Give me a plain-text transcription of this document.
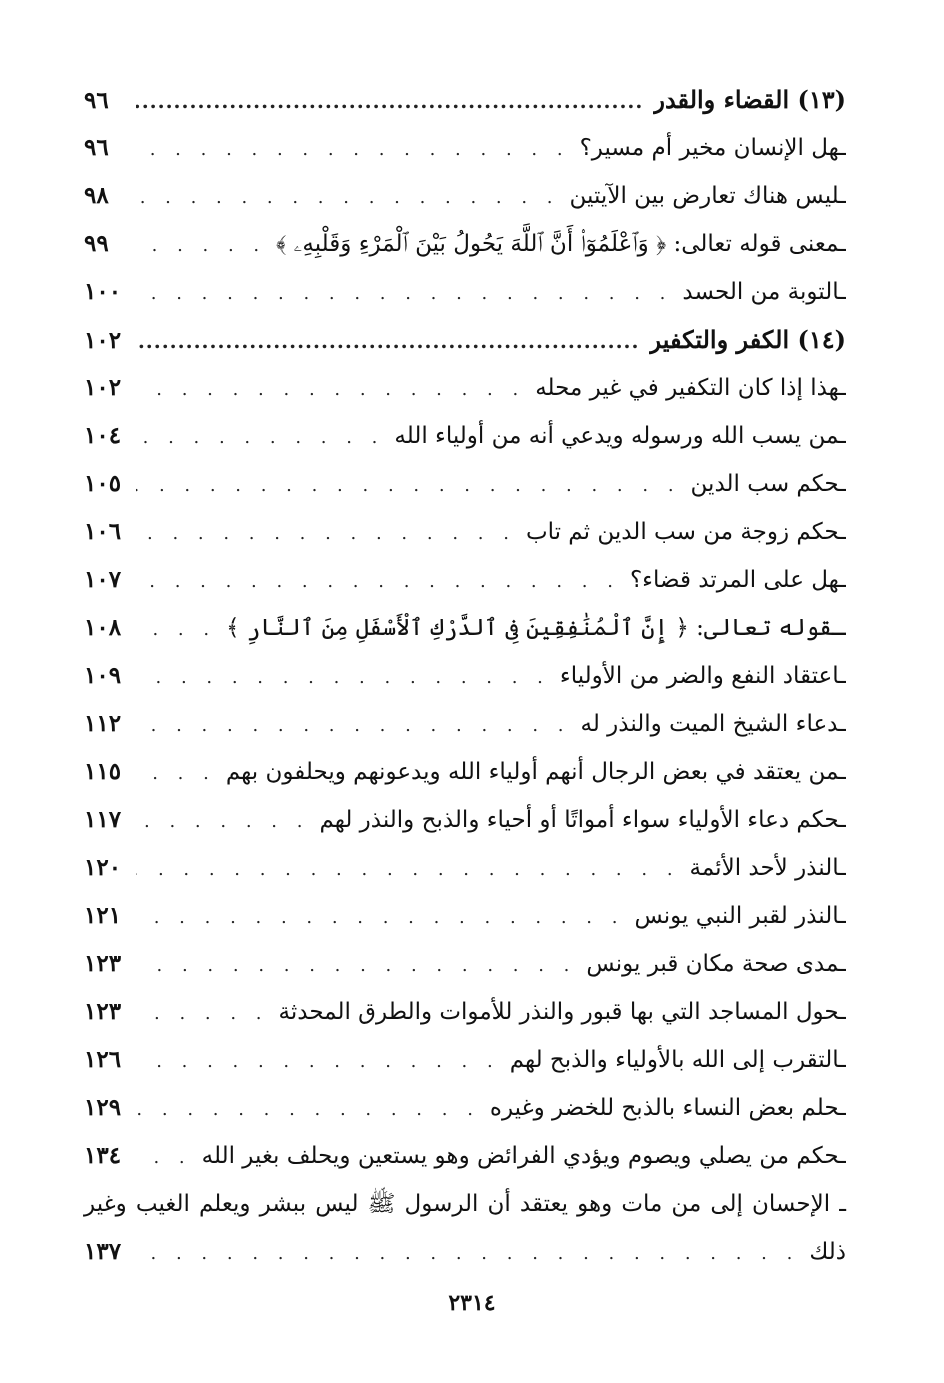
(١٣) القضاء والقدر
.....
٩٦
ـهل الإنسان مخير أم مسير؟
. . .
٩٦
ـليس هناك تعارض بين الآيتين
. . .
٩٨
ـمعنى قوله تعالى: ﴿ وَٱعْلَمُوٓا۟ أَنَّ ٱللَّهَ يَحُولُ بَيْنَ ٱلْمَرْءِ وَقَلْبِهِۦ ﴾
. . .
٩٩
ـالتوبة من الحسد
. . .
١٠٠
(١٤) الكفر والتكفير
.....
١٠٢
ـهذا إذا كان التكفير في غير محله
. . .
١٠٢
ـمن يسب الله ورسوله ويدعي أنه من أولياء الله
. . .
١٠٤
ـحكم سب الدين
. . .
١٠٥
ـحكم زوجة من سب الدين ثم تاب
. . .
١٠٦
ـهل على المرتد قضاء؟
. . .
١٠٧
ـقوله تعالى: ﴿ إِنَّ ٱلْمُنَٰفِقِينَ فِى ٱلدَّرْكِ ٱلْأَسْفَلِ مِنَ ٱلنَّارِ ﴾
. . .
١٠٨
ـاعتقاد النفع والضر من الأولياء
. . .
١٠٩
ـدعاء الشيخ الميت والنذر له
. . .
١١٢
ـمن يعتقد في بعض الرجال أنهم أولياء الله ويدعونهم ويحلفون بهم
. . .
١١٥
ـحكم دعاء الأولياء سواء أمواتًا أو أحياء والذبح والنذر لهم
. . .
١١٧
ـالنذر لأحد الأئمة
. . .
١٢٠
ـالنذر لقبر النبي يونس
. . .
١٢١
ـمدى صحة مكان قبر يونس
. . .
١٢٣
ـحول المساجد التي بها قبور والنذر للأموات والطرق المحدثة
. . .
١٢٣
ـالتقرب إلى الله بالأولياء والذبح لهم
. . .
١٢٦
ـحلم بعض النساء بالذبح للخضر وغيره
. . .
١٢٩
ـحكم من يصلي ويصوم ويؤدي الفرائض وهو يستعين ويحلف بغير الله
. . .
١٣٤
ـ الإحسان إلى من مات وهو يعتقد أن الرسول ﷺ ليس ببشر ويعلم الغيب وغير
ذلك
. . .
١٣٧
٢٣١٤
